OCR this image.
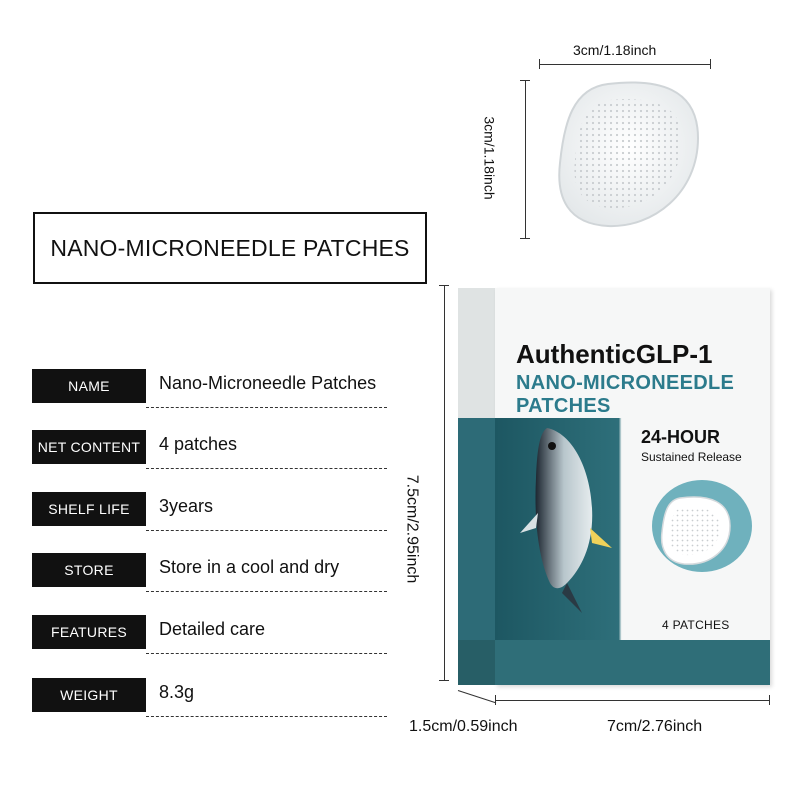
3cm/1.18inch
3cm/1.18inch
NANO-MICRONEEDLE PATCHES
NAME	Nano-Microneedle Patches
NET CONTENT	4 patches
SHELF LIFE	3years
STORE	Store in a cool and dry
FEATURES	Detailed care
WEIGHT	8.3g
7.5cm/2.95inch
AuthenticGLP-1
NANO-MICRONEEDLE
PATCHES
24-HOUR
Sustained Release
4 PATCHES
1.5cm/0.59inch	7cm/2.76inch
